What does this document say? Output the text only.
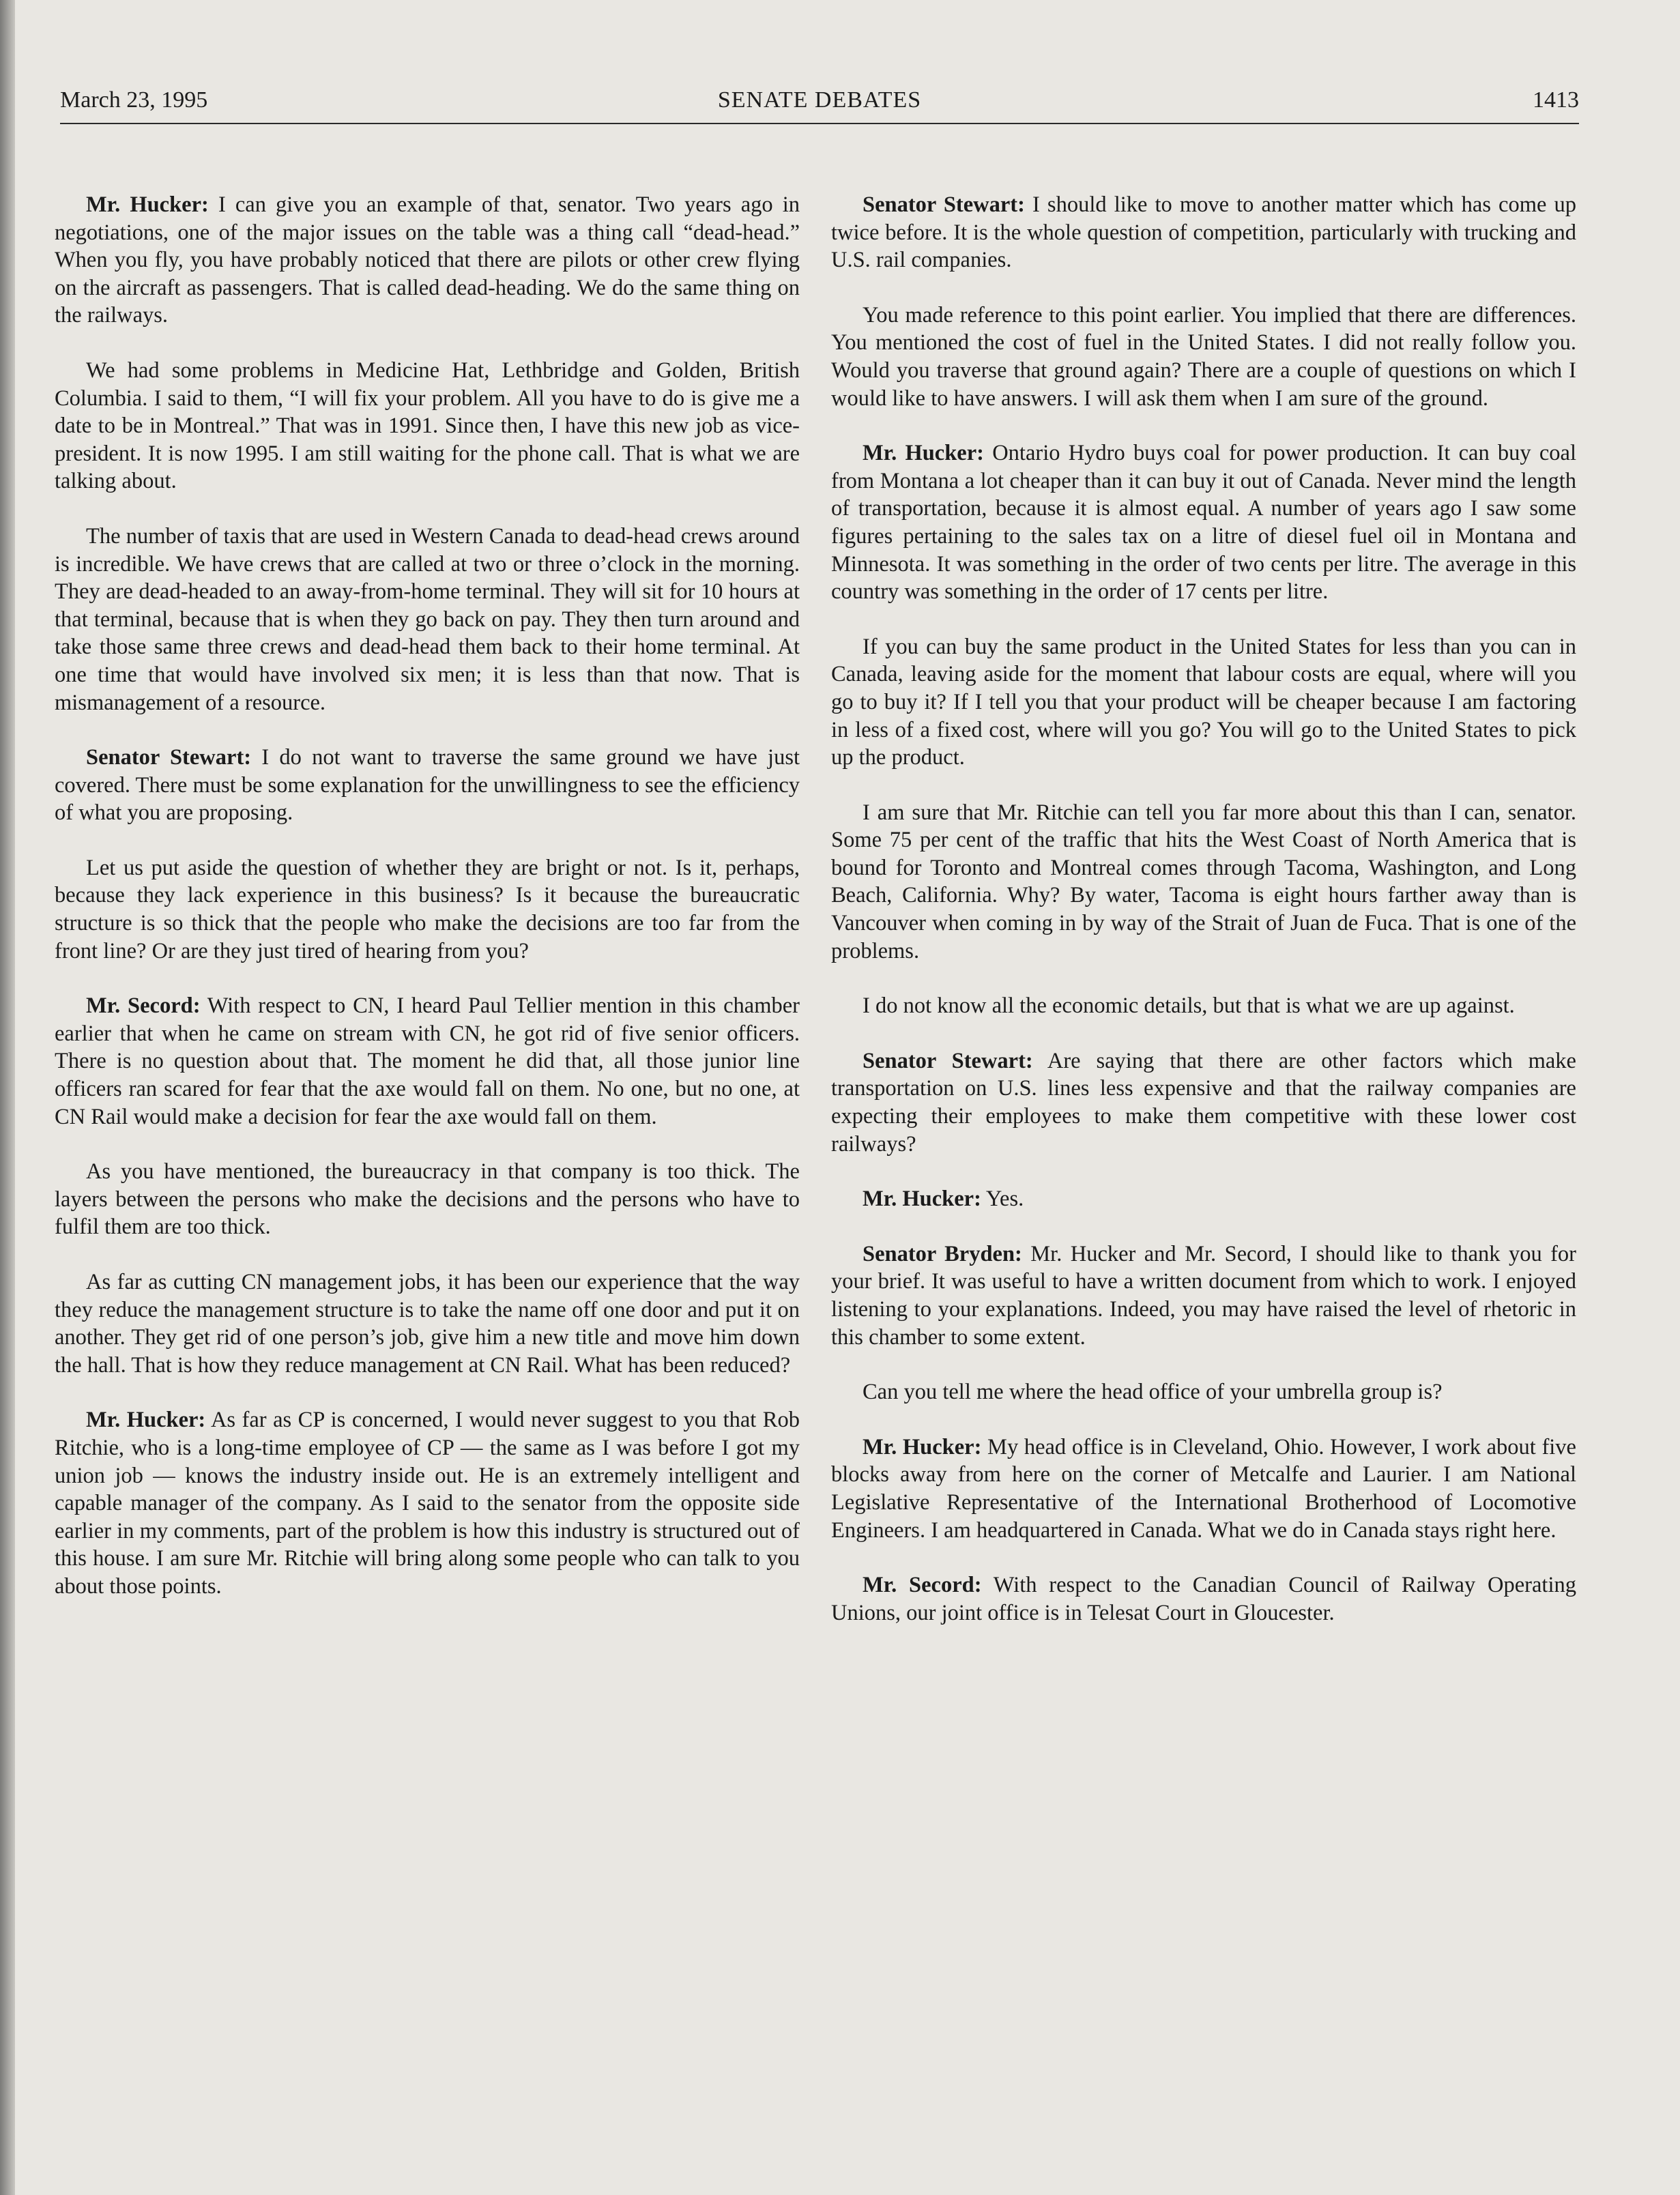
March 23, 1995	SENATE DEBATES	1413

Mr. Hucker: I can give you an example of that, senator. Two years ago in negotiations, one of the major issues on the table was a thing call “dead-head.” When you fly, you have probably noticed that there are pilots or other crew flying on the aircraft as passengers. That is called dead-heading. We do the same thing on the railways.

We had some problems in Medicine Hat, Lethbridge and Golden, British Columbia. I said to them, “I will fix your problem. All you have to do is give me a date to be in Montreal.” That was in 1991. Since then, I have this new job as vice-president. It is now 1995. I am still waiting for the phone call. That is what we are talking about.

The number of taxis that are used in Western Canada to dead-head crews around is incredible. We have crews that are called at two or three o’clock in the morning. They are dead-headed to an away-from-home terminal. They will sit for 10 hours at that terminal, because that is when they go back on pay. They then turn around and take those same three crews and dead-head them back to their home terminal. At one time that would have involved six men; it is less than that now. That is mismanagement of a resource.

Senator Stewart: I do not want to traverse the same ground we have just covered. There must be some explanation for the unwillingness to see the efficiency of what you are proposing.

Let us put aside the question of whether they are bright or not. Is it, perhaps, because they lack experience in this business? Is it because the bureaucratic structure is so thick that the people who make the decisions are too far from the front line? Or are they just tired of hearing from you?

Mr. Secord: With respect to CN, I heard Paul Tellier mention in this chamber earlier that when he came on stream with CN, he got rid of five senior officers. There is no question about that. The moment he did that, all those junior line officers ran scared for fear that the axe would fall on them. No one, but no one, at CN Rail would make a decision for fear the axe would fall on them.

As you have mentioned, the bureaucracy in that company is too thick. The layers between the persons who make the decisions and the persons who have to fulfil them are too thick.

As far as cutting CN management jobs, it has been our experience that the way they reduce the management structure is to take the name off one door and put it on another. They get rid of one person’s job, give him a new title and move him down the hall. That is how they reduce management at CN Rail. What has been reduced?

Mr. Hucker: As far as CP is concerned, I would never suggest to you that Rob Ritchie, who is a long-time employee of CP — the same as I was before I got my union job — knows the industry inside out. He is an extremely intelligent and capable manager of the company. As I said to the senator from the opposite side earlier in my comments, part of the problem is how this industry is structured out of this house. I am sure Mr. Ritchie will bring along some people who can talk to you about those points.

Senator Stewart: I should like to move to another matter which has come up twice before. It is the whole question of competition, particularly with trucking and U.S. rail companies.

You made reference to this point earlier. You implied that there are differences. You mentioned the cost of fuel in the United States. I did not really follow you. Would you traverse that ground again? There are a couple of questions on which I would like to have answers. I will ask them when I am sure of the ground.

Mr. Hucker: Ontario Hydro buys coal for power production. It can buy coal from Montana a lot cheaper than it can buy it out of Canada. Never mind the length of transportation, because it is almost equal. A number of years ago I saw some figures pertaining to the sales tax on a litre of diesel fuel oil in Montana and Minnesota. It was something in the order of two cents per litre. The average in this country was something in the order of 17 cents per litre.

If you can buy the same product in the United States for less than you can in Canada, leaving aside for the moment that labour costs are equal, where will you go to buy it? If I tell you that your product will be cheaper because I am factoring in less of a fixed cost, where will you go? You will go to the United States to pick up the product.

I am sure that Mr. Ritchie can tell you far more about this than I can, senator. Some 75 per cent of the traffic that hits the West Coast of North America that is bound for Toronto and Montreal comes through Tacoma, Washington, and Long Beach, California. Why? By water, Tacoma is eight hours farther away than is Vancouver when coming in by way of the Strait of Juan de Fuca. That is one of the problems.

I do not know all the economic details, but that is what we are up against.

Senator Stewart: Are saying that there are other factors which make transportation on U.S. lines less expensive and that the railway companies are expecting their employees to make them competitive with these lower cost railways?

Mr. Hucker: Yes.

Senator Bryden: Mr. Hucker and Mr. Secord, I should like to thank you for your brief. It was useful to have a written document from which to work. I enjoyed listening to your explanations. Indeed, you may have raised the level of rhetoric in this chamber to some extent.

Can you tell me where the head office of your umbrella group is?

Mr. Hucker: My head office is in Cleveland, Ohio. However, I work about five blocks away from here on the corner of Metcalfe and Laurier. I am National Legislative Representative of the International Brotherhood of Locomotive Engineers. I am headquartered in Canada. What we do in Canada stays right here.

Mr. Secord: With respect to the Canadian Council of Railway Operating Unions, our joint office is in Telesat Court in Gloucester.
